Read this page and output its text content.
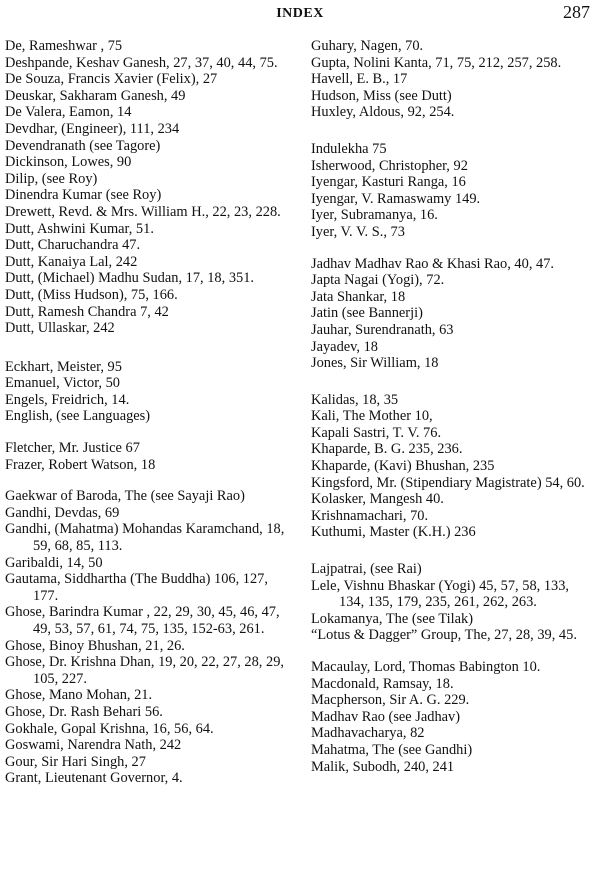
INDEX	287

De, Rameshwar , 75

Deshpande, Keshav Ganesh, 27, 37, 40, 44, 75.

De Souza, Francis Xavier (Felix), 27

Deuskar, Sakharam Ganesh, 49

De Valera, Eamon, 14

Devdhar, (Engineer), 111, 234

Devendranath (see Tagore)

Dickinson, Lowes, 90

Dilip, (see Roy)

Dinendra Kumar (see Roy)

Drewett, Revd. & Mrs. William H., 22, 23, 228.

Dutt, Ashwini Kumar, 51.

Dutt, Charuchandra 47.

Dutt, Kanaiya Lal, 242

Dutt, (Michael) Madhu Sudan, 17, 18, 351.

Dutt, (Miss Hudson), 75, 166.

Dutt, Ramesh Chandra 7, 42

Dutt, Ullaskar, 242

Eckhart, Meister, 95

Emanuel, Victor, 50

Engels, Freidrich, 14.

English, (see Languages)

Fletcher, Mr. Justice 67

Frazer, Robert Watson, 18

Gaekwar of Baroda, The (see Sayaji Rao)

Gandhi, Devdas, 69

Gandhi, (Mahatma) Mohandas Karamchand, 18, 59, 68, 85, 113.

Garibaldi, 14, 50

Gautama, Siddhartha (The Buddha) 106, 127, 177.

Ghose, Barindra Kumar , 22, 29, 30, 45, 46, 47, 49, 53, 57, 61, 74, 75, 135, 152-63, 261.

Ghose, Binoy Bhushan, 21, 26.

Ghose, Dr. Krishna Dhan, 19, 20, 22, 27, 28, 29, 105, 227.

Ghose, Mano Mohan, 21.

Ghose, Dr. Rash Behari 56.

Gokhale, Gopal Krishna, 16, 56, 64.

Goswami, Narendra Nath, 242

Gour, Sir Hari Singh, 27

Grant, Lieutenant Governor, 4.

Guhary, Nagen, 70.

Gupta, Nolini Kanta, 71, 75, 212, 257, 258.

Havell, E. B., 17

Hudson, Miss (see Dutt)

Huxley, Aldous, 92, 254.

Indulekha 75

Isherwood, Christopher, 92

Iyengar, Kasturi Ranga, 16

Iyengar, V. Ramaswamy 149.

Iyer, Subramanya, 16.

Iyer, V. V. S., 73

Jadhav Madhav Rao & Khasi Rao, 40, 47.

Japta Nagai (Yogi), 72.

Jata Shankar, 18

Jatin (see Bannerji)

Jauhar, Surendranath, 63

Jayadev, 18

Jones, Sir William, 18

Kalidas, 18, 35

Kali, The Mother 10,

Kapali Sastri, T. V. 76.

Khaparde, B. G. 235, 236.

Khaparde, (Kavi) Bhushan, 235

Kingsford, Mr. (Stipendiary Magistrate) 54, 60.

Kolasker, Mangesh 40.

Krishnamachari, 70.

Kuthumi, Master (K.H.) 236

Lajpatrai, (see Rai)

Lele, Vishnu Bhaskar (Yogi) 45, 57, 58, 133, 134, 135, 179, 235, 261, 262, 263.

Lokamanya, The (see Tilak)

“Lotus & Dagger” Group, The, 27, 28, 39, 45.

Macaulay, Lord, Thomas Babington 10.

Macdonald, Ramsay, 18.

Macpherson, Sir A. G. 229.

Madhav Rao (see Jadhav)

Madhavacharya, 82

Mahatma, The (see Gandhi)

Malik, Subodh, 240, 241
